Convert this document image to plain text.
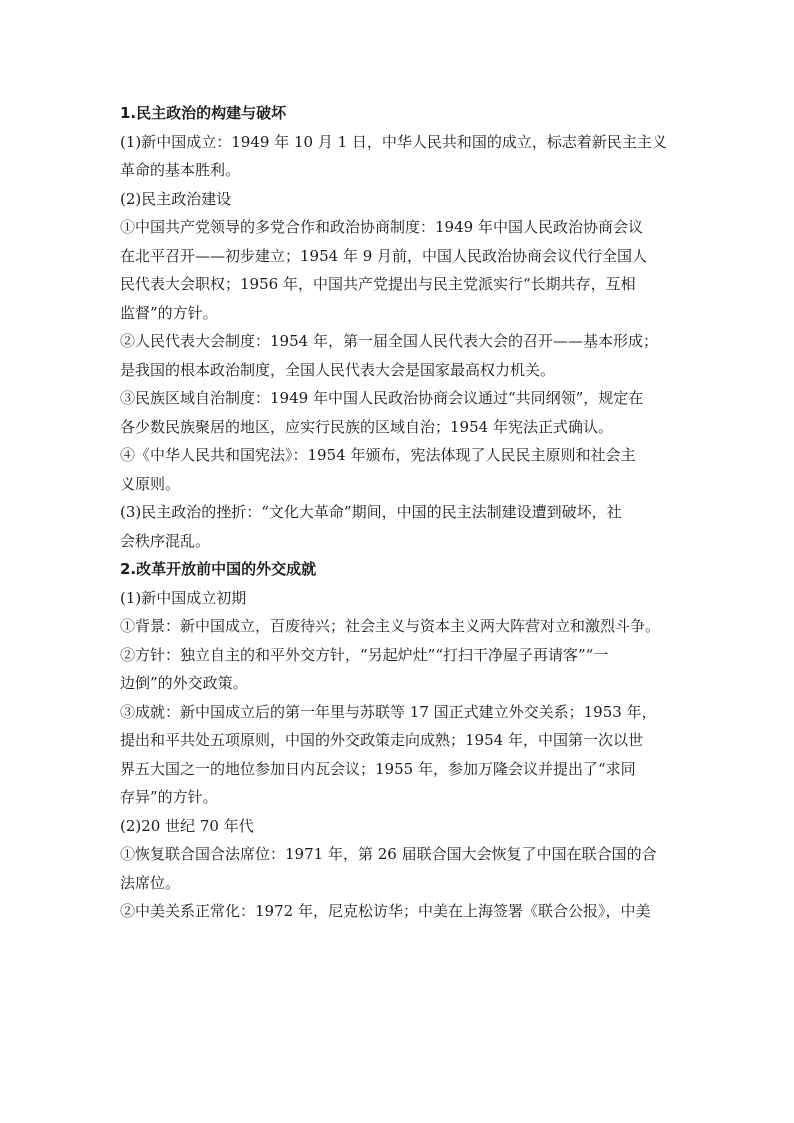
1.民主政治的构建与破坏
(1)新中国成立：1949 年 10 月 1 日，中华人民共和国的成立，标志着新民主主义
革命的基本胜利。
(2)民主政治建设
①中国共产党领导的多党合作和政治协商制度：1949 年中国人民政治协商会议
在北平召开——初步建立；1954 年 9 月前，中国人民政治协商会议代行全国人
民代表大会职权；1956 年，中国共产党提出与民主党派实行“长期共存，互相
监督”的方针。
②人民代表大会制度：1954 年，第一届全国人民代表大会的召开——基本形成；
是我国的根本政治制度，全国人民代表大会是国家最高权力机关。
③民族区域自治制度：1949 年中国人民政治协商会议通过“共同纲领”，规定在
各少数民族聚居的地区，应实行民族的区域自治；1954 年宪法正式确认。
④《中华人民共和国宪法》：1954 年颁布，宪法体现了人民民主原则和社会主
义原则。
(3)民主政治的挫折：“文化大革命”期间，中国的民主法制建设遭到破坏，社
会秩序混乱。
2.改革开放前中国的外交成就
(1)新中国成立初期
①背景：新中国成立，百废待兴；社会主义与资本主义两大阵营对立和激烈斗争。
②方针：独立自主的和平外交方针，“另起炉灶”“打扫干净屋子再请客”“一
边倒”的外交政策。
③成就：新中国成立后的第一年里与苏联等 17 国正式建立外交关系；1953 年，
提出和平共处五项原则，中国的外交政策走向成熟；1954 年，中国第一次以世
界五大国之一的地位参加日内瓦会议；1955 年，参加万隆会议并提出了“求同
存异”的方针。
(2)20 世纪 70 年代
①恢复联合国合法席位：1971 年，第 26 届联合国大会恢复了中国在联合国的合
法席位。
②中美关系正常化：1972 年，尼克松访华；中美在上海签署《联合公报》，中美
